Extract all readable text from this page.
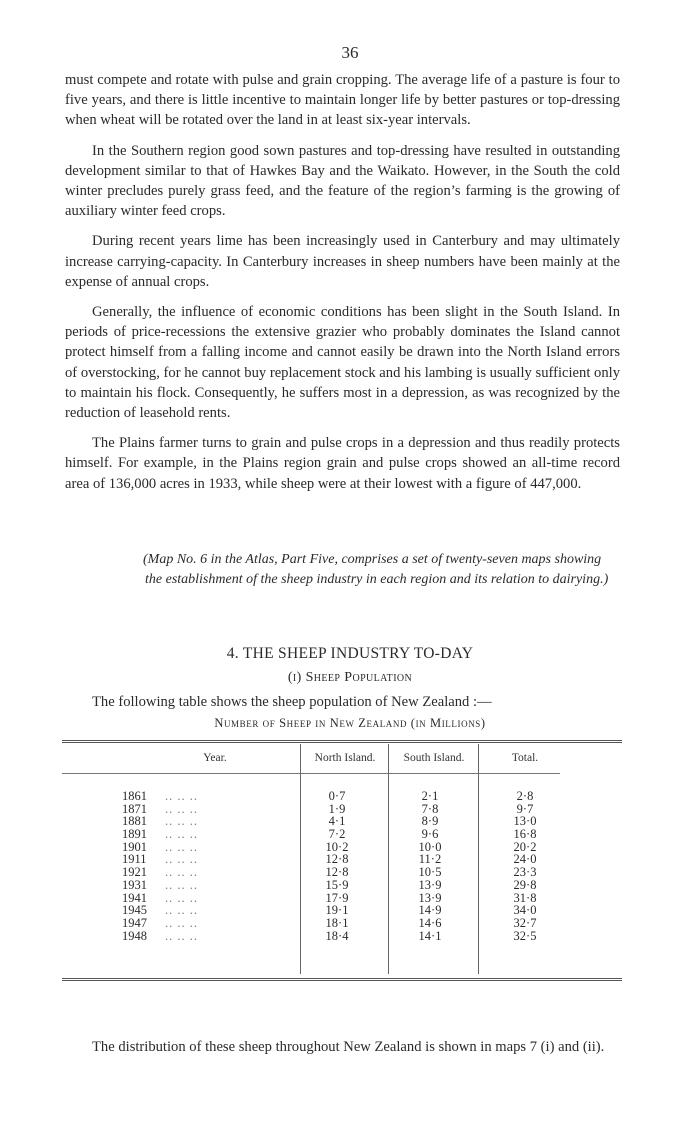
36

must compete and rotate with pulse and grain cropping. The average life of a pasture is four to five years, and there is little incentive to maintain longer life by better pastures or top-dressing when wheat will be rotated over the land in at least six-year intervals.

In the Southern region good sown pastures and top-dressing have resulted in outstanding development similar to that of Hawkes Bay and the Waikato. However, in the South the cold winter precludes purely grass feed, and the feature of the region’s farming is the growing of auxiliary winter feed crops.

During recent years lime has been increasingly used in Canterbury and may ultimately increase carrying-capacity. In Canterbury increases in sheep numbers have been mainly at the expense of annual crops.

Generally, the influence of economic conditions has been slight in the South Island. In periods of price-recessions the extensive grazier who probably dominates the Island cannot protect himself from a falling income and cannot easily be drawn into the North Island errors of overstocking, for he cannot buy replacement stock and his lambing is usually sufficient only to maintain his flock. Consequently, he suffers most in a depression, as was recognized by the reduction of leasehold rents.

The Plains farmer turns to grain and pulse crops in a depression and thus readily protects himself. For example, in the Plains region grain and pulse crops showed an all-time record area of 136,000 acres in 1933, while sheep were at their lowest with a figure of 447,000.

(Map No. 6 in the Atlas, Part Five, comprises a set of twenty-seven maps showing the establishment of the sheep industry in each region and its relation to dairying.)
4. THE SHEEP INDUSTRY TO-DAY
(i) Sheep Population
The following table shows the sheep population of New Zealand :—
Number of Sheep in New Zealand (in Millions)
Year.	North Island.	South Island.	Total.
1861	.. .. ..	0·7	2·1	2·8
1871	.. .. ..	1·9	7·8	9·7
1881	.. .. ..	4·1	8·9	13·0
1891	.. .. ..	7·2	9·6	16·8
1901	.. .. ..	10·2	10·0	20·2
1911	.. .. ..	12·8	11·2	24·0
1921	.. .. ..	12·8	10·5	23·3
1931	.. .. ..	15·9	13·9	29·8
1941	.. .. ..	17·9	13·9	31·8
1945	.. .. ..	19·1	14·9	34·0
1947	.. .. ..	18·1	14·6	32·7
1948	.. .. ..	18·4	14·1	32·5

The distribution of these sheep throughout New Zealand is shown in maps 7 (i) and (ii).
